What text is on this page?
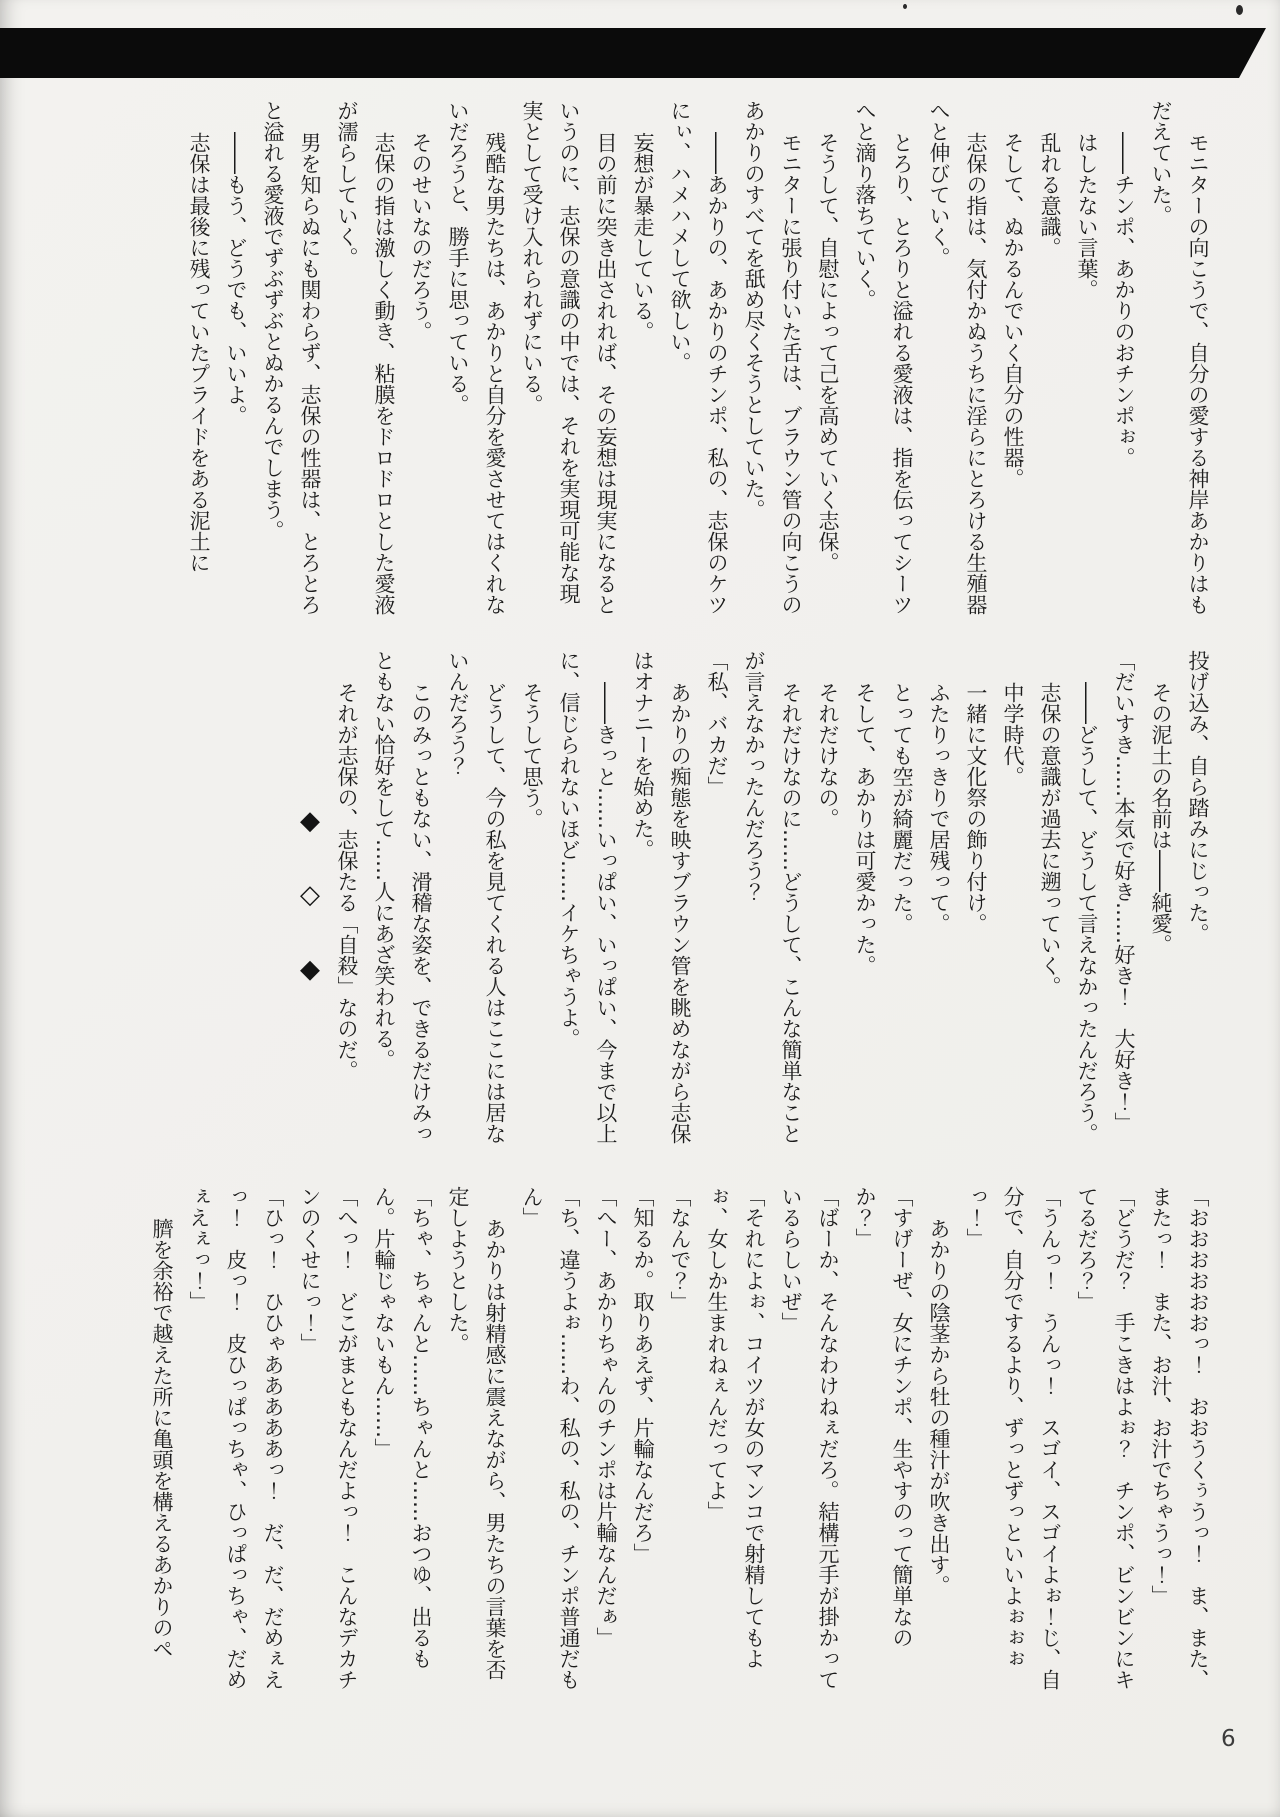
モニターの向こうで、自分の愛する神岸あかりはもだえていた。

――チンポ、あかりのおチンポぉ。

はしたない言葉。

乱れる意識。

そして、ぬかるんでいく自分の性器。

志保の指は、気付かぬうちに淫らにとろける生殖器へと伸びていく。

とろり、とろりと溢れる愛液は、指を伝ってシーツへと滴り落ちていく。

そうして、自慰によって己を高めていく志保。

モニターに張り付いた舌は、ブラウン管の向こうのあかりのすべてを舐め尽くそうとしていた。

――あかりの、あかりのチンポ、私の、志保のケツにぃ、ハメハメして欲しい。

妄想が暴走している。

目の前に突き出されれば、その妄想は現実になるというのに、志保の意識の中では、それを実現可能な現実として受け入れられずにいる。

残酷な男たちは、あかりと自分を愛させてはくれないだろうと、勝手に思っている。

そのせいなのだろう。

志保の指は激しく動き、粘膜をドロドロとした愛液が濡らしていく。

男を知らぬにも関わらず、志保の性器は、とろとろと溢れる愛液でずぶずぶとぬかるんでしまう。

――もう、どうでも、いいよ。

志保は最後に残っていたプライドをある泥土に

投げ込み、自ら踏みにじった。

その泥土の名前は――純愛。

「だいすき……本気で好き……好き！　大好き！」

――どうして、どうして言えなかったんだろう。

志保の意識が過去に遡っていく。

中学時代。

一緒に文化祭の飾り付け。

ふたりっきりで居残って。

とっても空が綺麗だった。

そして、あかりは可愛かった。

それだけなの。

それだけなのに……どうして、こんな簡単なことが言えなかったんだろう？

「私、バカだ」

あかりの痴態を映すブラウン管を眺めながら志保はオナニーを始めた。

――きっと……いっぱい、いっぱい、今まで以上に、信じられないほど……イケちゃうよ。

そうして思う。

どうして、今の私を見てくれる人はここには居ないんだろう？

このみっともない、滑稽な姿を、できるだけみっともない恰好をして……人にあざ笑われる。

それが志保の、志保たる「自殺」なのだ。

◆　◇　◆

「おおおおおおっ！　おおうくぅうっ！　ま、また、またっ！　また、お汁、お汁でちゃうっ！」

「どうだ？　手こきはよぉ？　チンポ、ビンビンにキてるだろ？」

「うんっ！　うんっ！　スゴイ、スゴイよぉ！じ、自分で、自分でするより、ずっとずっといいよぉぉぉっ！」

あかりの陰茎から牡の種汁が吹き出す。

「すげーぜ、女にチンポ、生やすのって簡単なのか？」

「ばーか、そんなわけねぇだろ。結構元手が掛かっているらしいぜ」

「それによぉ、コイツが女のマンコで射精してもよぉ、女しか生まれねぇんだってよ」

「なんで？」

「知るか。取りあえず、片輪なんだろ」

「へー、あかりちゃんのチンポは片輪なんだぁ」

「ち、違うよぉ……わ、私の、私の、チンポ普通だもん」

あかりは射精感に震えながら、男たちの言葉を否定しようとした。

「ちゃ、ちゃんと……ちゃんと……おつゆ、出るもん。片輪じゃないもん……」

「へっ！　どこがまともなんだよっ！　こんなデカチンのくせにっ！」

「ひっ！　ひひゃあああああっ！　だ、だ、だめぇえっ！　皮っ！　皮ひっぱっちゃ、ひっぱっちゃ、だめぇえぇっ！」

臍を余裕で越えた所に亀頭を構えるあかりのペ

6
